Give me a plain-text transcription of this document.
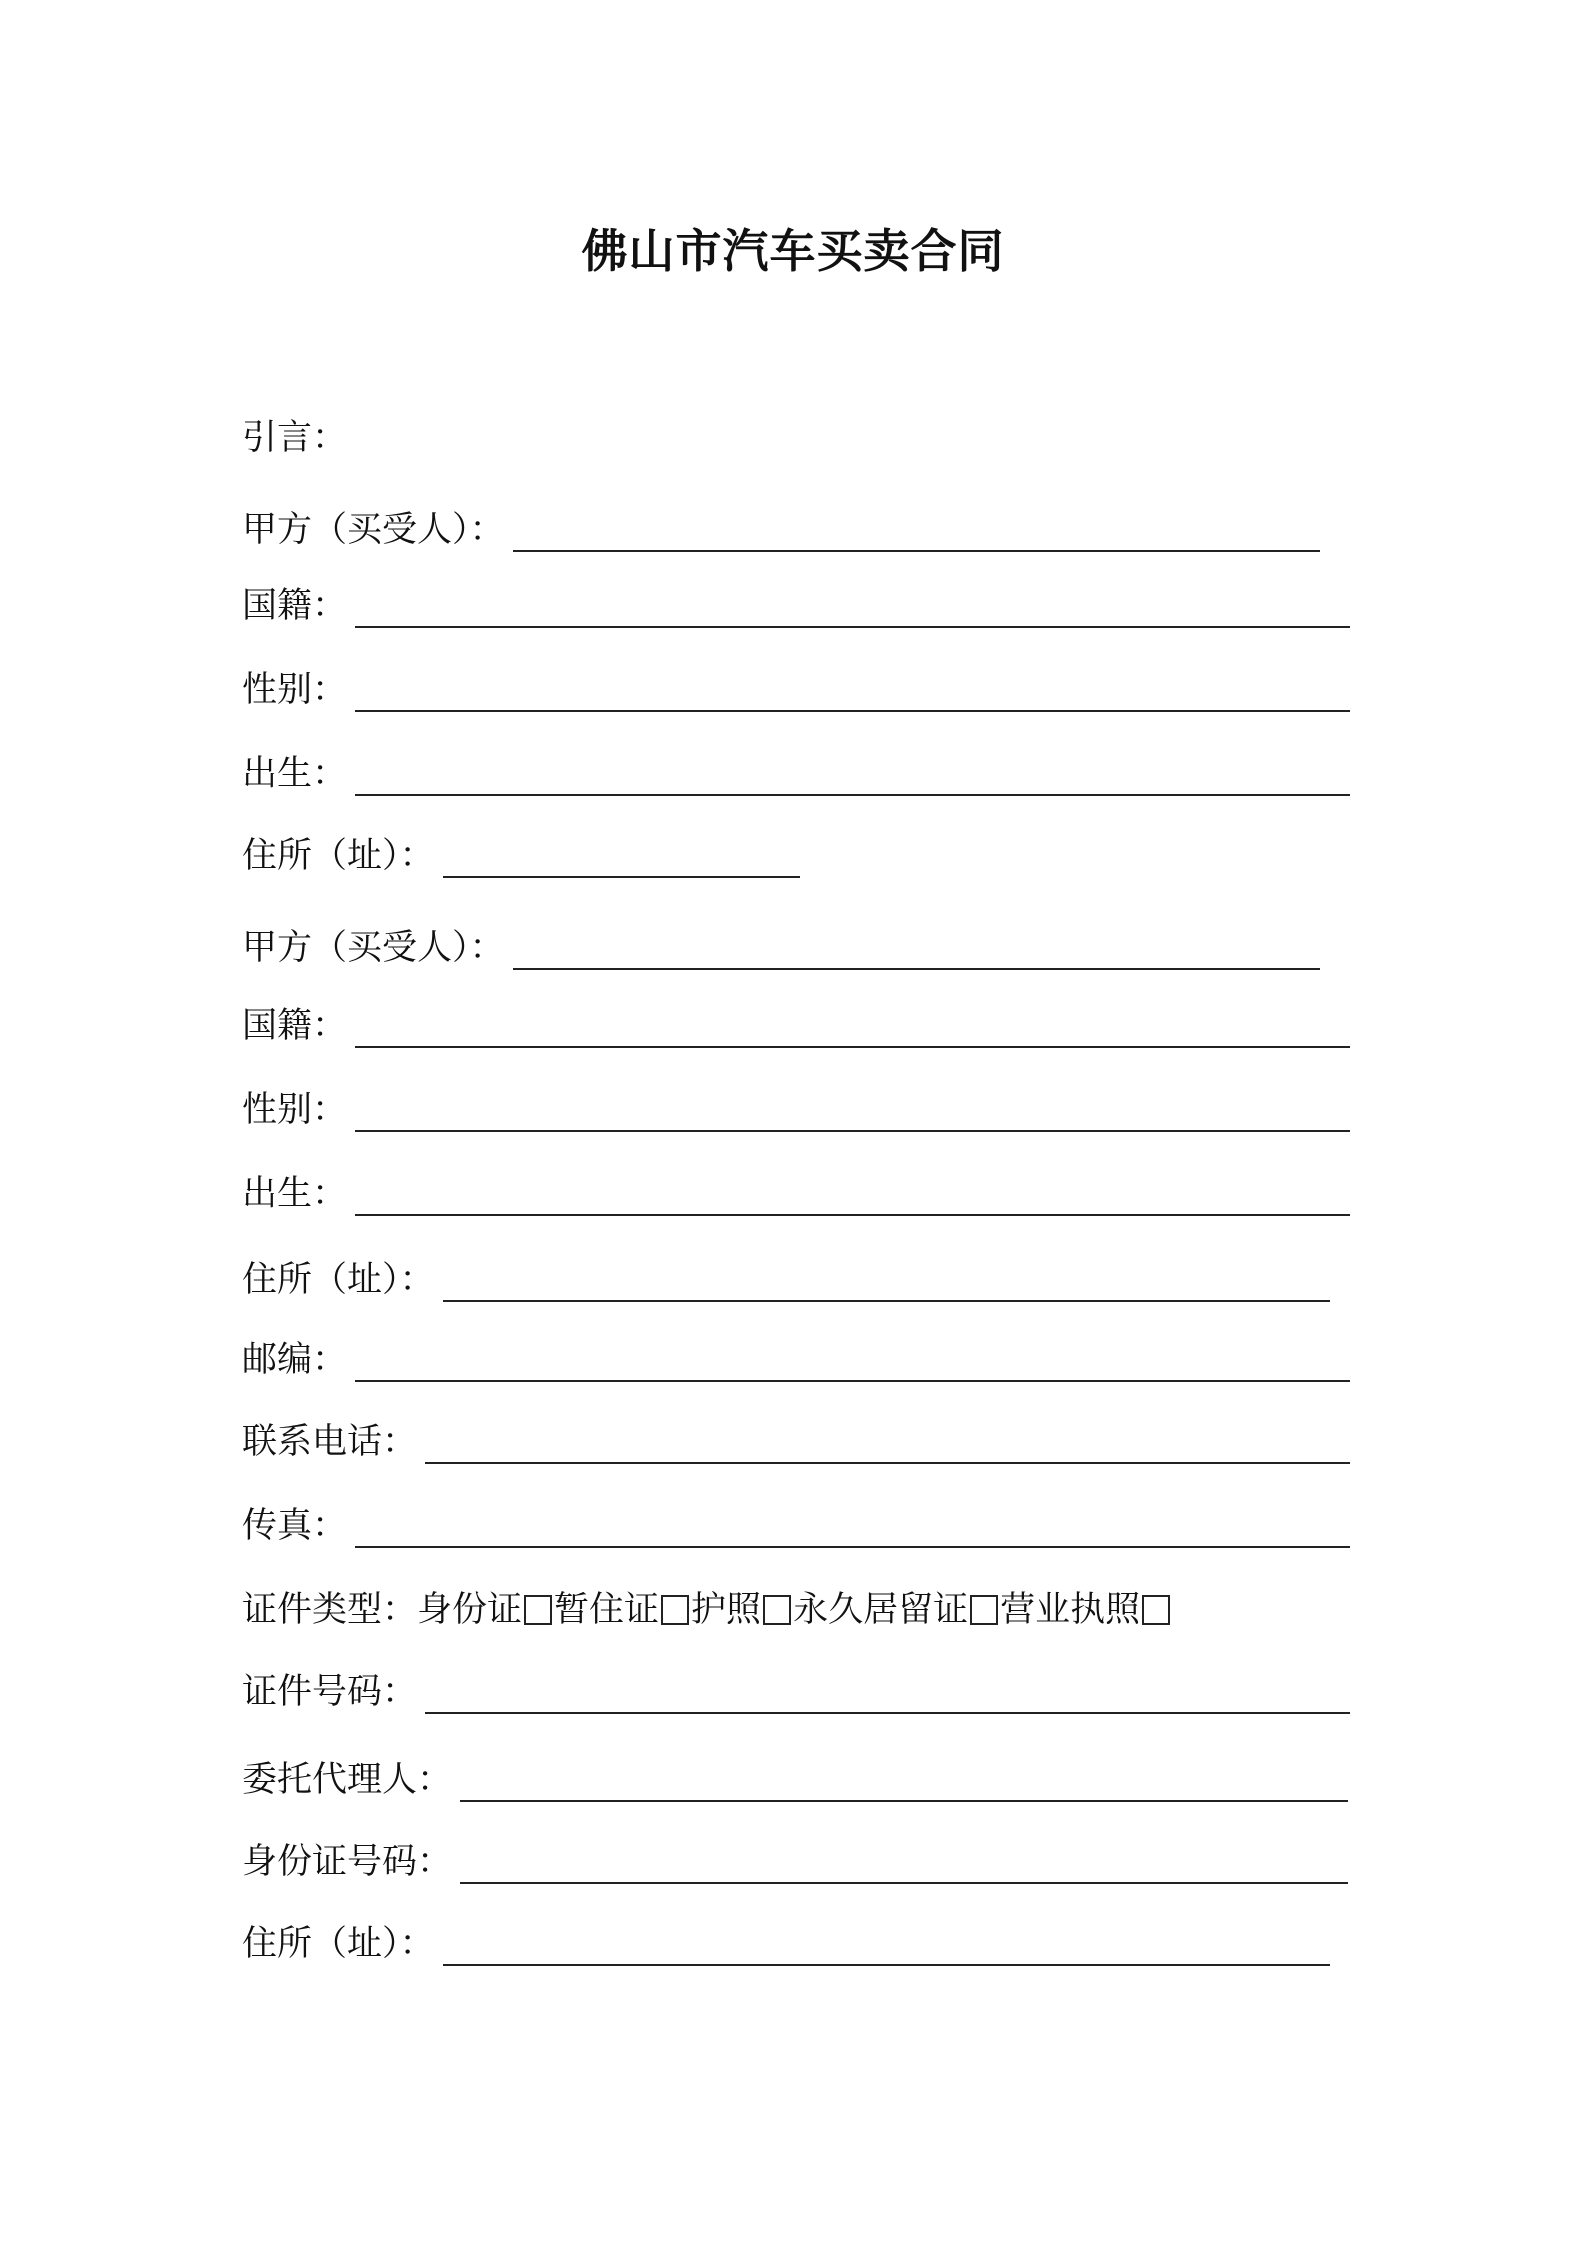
佛山市汽车买卖合同
引言：
甲方（买受人）：
国籍：
性别：
出生：
住所（址）：
甲方（买受人）：
国籍：
性别：
出生：
住所（址）：
邮编：
联系电话：
传真：
证件号码：
委托代理人：
身份证号码：
住所（址）：
证件类型：身份证 暂住证 护照 永久居留证 营业执照
